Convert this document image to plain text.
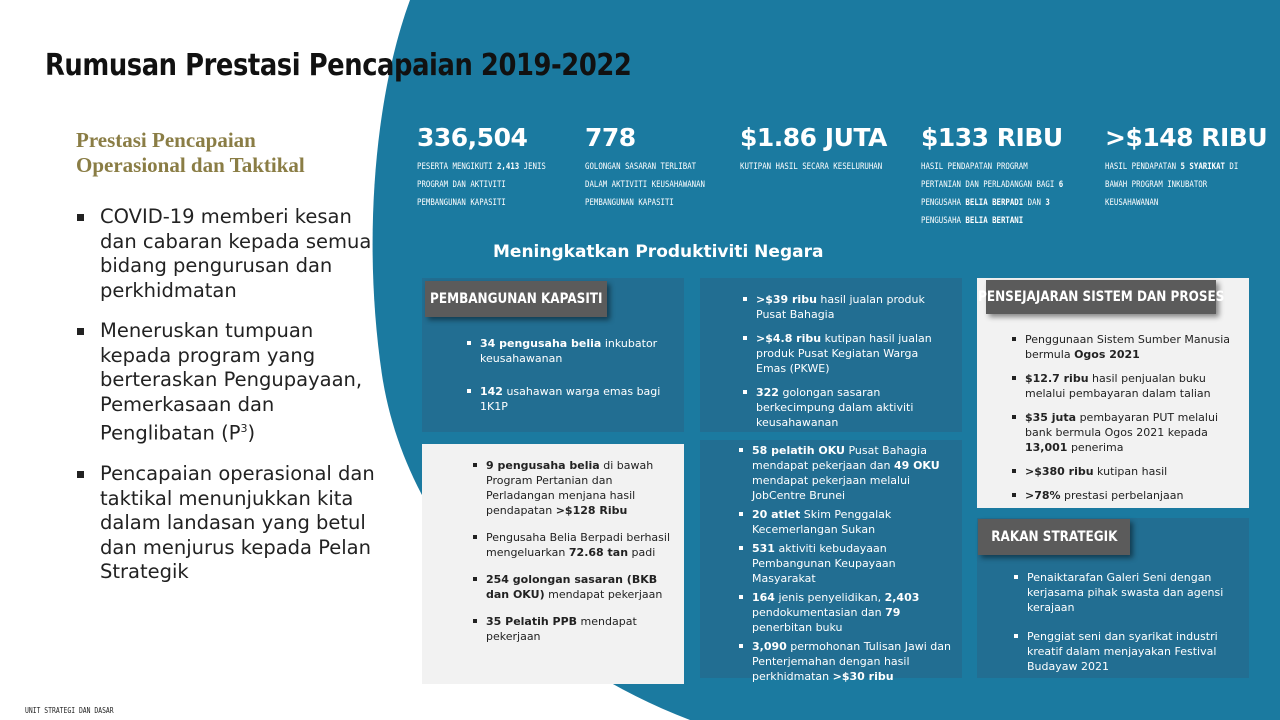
Rumusan Prestasi Pencapaian 2019-2022
Prestasi Pencapaian
Operasional dan Taktikal
COVID-19 memberi kesan dan cabaran kepada semua bidang pengurusan dan perkhidmatan
Meneruskan tumpuan kepada program yang berteraskan Pengupayaan, Pemerkasaan dan Penglibatan $(P^3)$
Pencapaian operasional dan taktikal menunjukkan kita dalam landasan yang betul dan menjurus kepada Pelan Strategik
336,504
PESERTA MENGIKUTI 2,413 JENIS
PROGRAM DAN AKTIVITI
PEMBANGUNAN KAPASITI
778
GOLONGAN SASARAN TERLIBAT
DALAM AKTIVITI KEUSAHAWANAN
PEMBANGUNAN KAPASITI
$1.86 JUTA
KUTIPAN HASIL SECARA KESELURUHAN
$133 RIBU
HASIL PENDAPATAN PROGRAM
PERTANIAN DAN PERLADANGAN BAGI 6
PENGUSAHA BELIA BERPADI DAN 3
PENGUSAHA BELIA BERTANI
>$148 RIBU
HASIL PENDAPATAN 5 SYARIKAT DI
BAWAH PROGRAM INKUBATOR
KEUSAHAWANAN
Meningkatkan Produktiviti Negara
34 pengusaha belia inkubator keusahawanan
142 usahawan warga emas bagi 1K1P
PEMBANGUNAN KAPASITI	>$39 ribu hasil jualan produk Pusat Bahagia
>$4.8 ribu kutipan hasil jualan produk Pusat Kegiatan Warga Emas (PKWE)
322 golongan sasaran berkecimpung dalam aktiviti keusahawanan
Penggunaan Sistem Sumber Manusia bermula Ogos 2021
$12.7 ribu hasil penjualan buku melalui pembayaran dalam talian
$35 juta pembayaran PUT melalui bank bermula Ogos 2021 kepada 13,001 penerima
>$380 ribu kutipan hasil
>78% prestasi perbelanjaan
PENSEJAJARAN SISTEM DAN PROSES
9 pengusaha belia di bawah Program Pertanian dan Perladangan menjana hasil pendapatan >$128 Ribu
Pengusaha Belia Berpadi berhasil mengeluarkan 72.68 tan padi
254 golongan sasaran (BKB dan OKU) mendapat pekerjaan
35 Pelatih PPB mendapat pekerjaan
58 pelatih OKU Pusat Bahagia mendapat pekerjaan dan 49 OKU mendapat pekerjaan melalui JobCentre Brunei
20 atlet Skim Penggalak Kecemerlangan Sukan
531 aktiviti kebudayaan Pembangunan Keupayaan Masyarakat
164 jenis penyelidikan, 2,403 pendokumentasian dan 79 penerbitan buku
3,090 permohonan Tulisan Jawi dan Penterjemahan dengan hasil perkhidmatan >$30 ribu
Penaiktarafan Galeri Seni dengan kerjasama pihak swasta dan agensi kerajaan
Penggiat seni dan syarikat industri kreatif dalam menjayakan Festival Budayaw 2021
RAKAN STRATEGIK
UNIT STRATEGI DAN DASAR
